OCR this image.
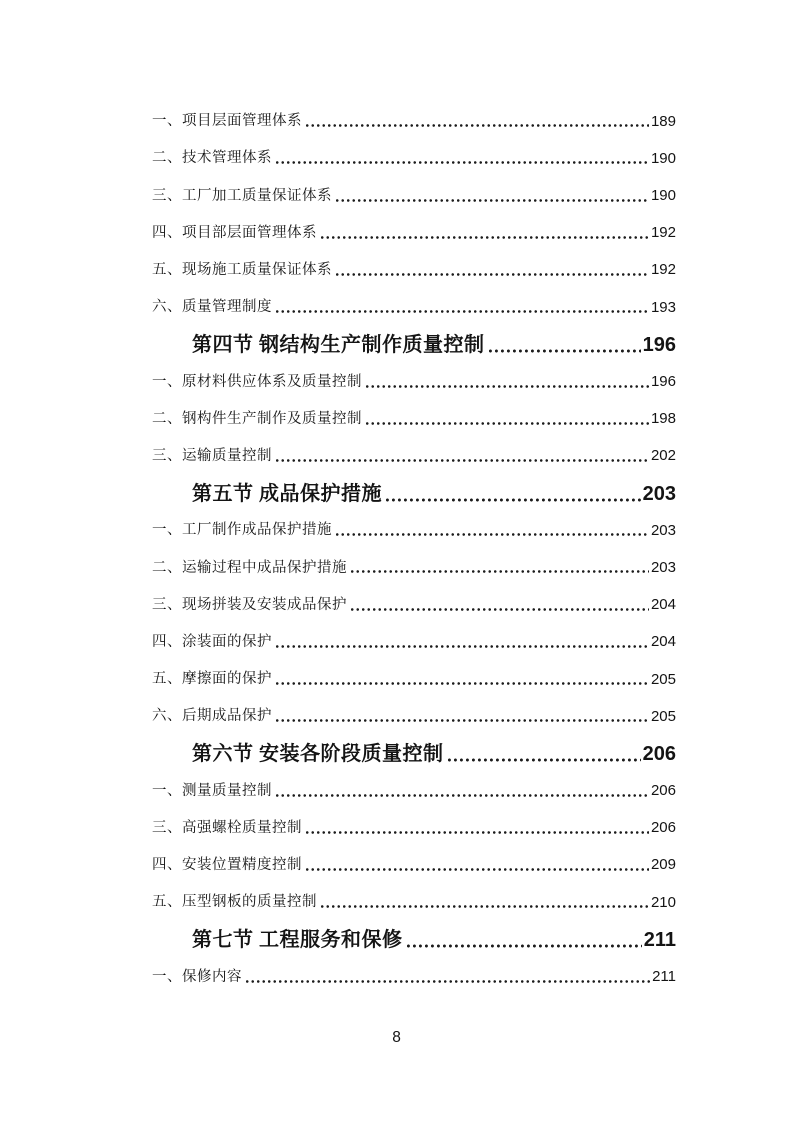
一、项目层面管理体系	189
二、技术管理体系	190
三、工厂加工质量保证体系	190
四、项目部层面管理体系	192
五、现场施工质量保证体系	192
六、质量管理制度	193
第四节 钢结构生产制作质量控制	196
一、原材料供应体系及质量控制	196
二、钢构件生产制作及质量控制	198
三、运输质量控制	202
第五节 成品保护措施	203
一、工厂制作成品保护措施	203
二、运输过程中成品保护措施	203
三、现场拼装及安装成品保护	204
四、涂装面的保护	204
五、摩擦面的保护	205
六、后期成品保护	205
第六节 安装各阶段质量控制	206
一、测量质量控制	206
三、高强螺栓质量控制	206
四、安装位置精度控制	209
五、压型钢板的质量控制	210
第七节 工程服务和保修	211
一、保修内容	211
8
